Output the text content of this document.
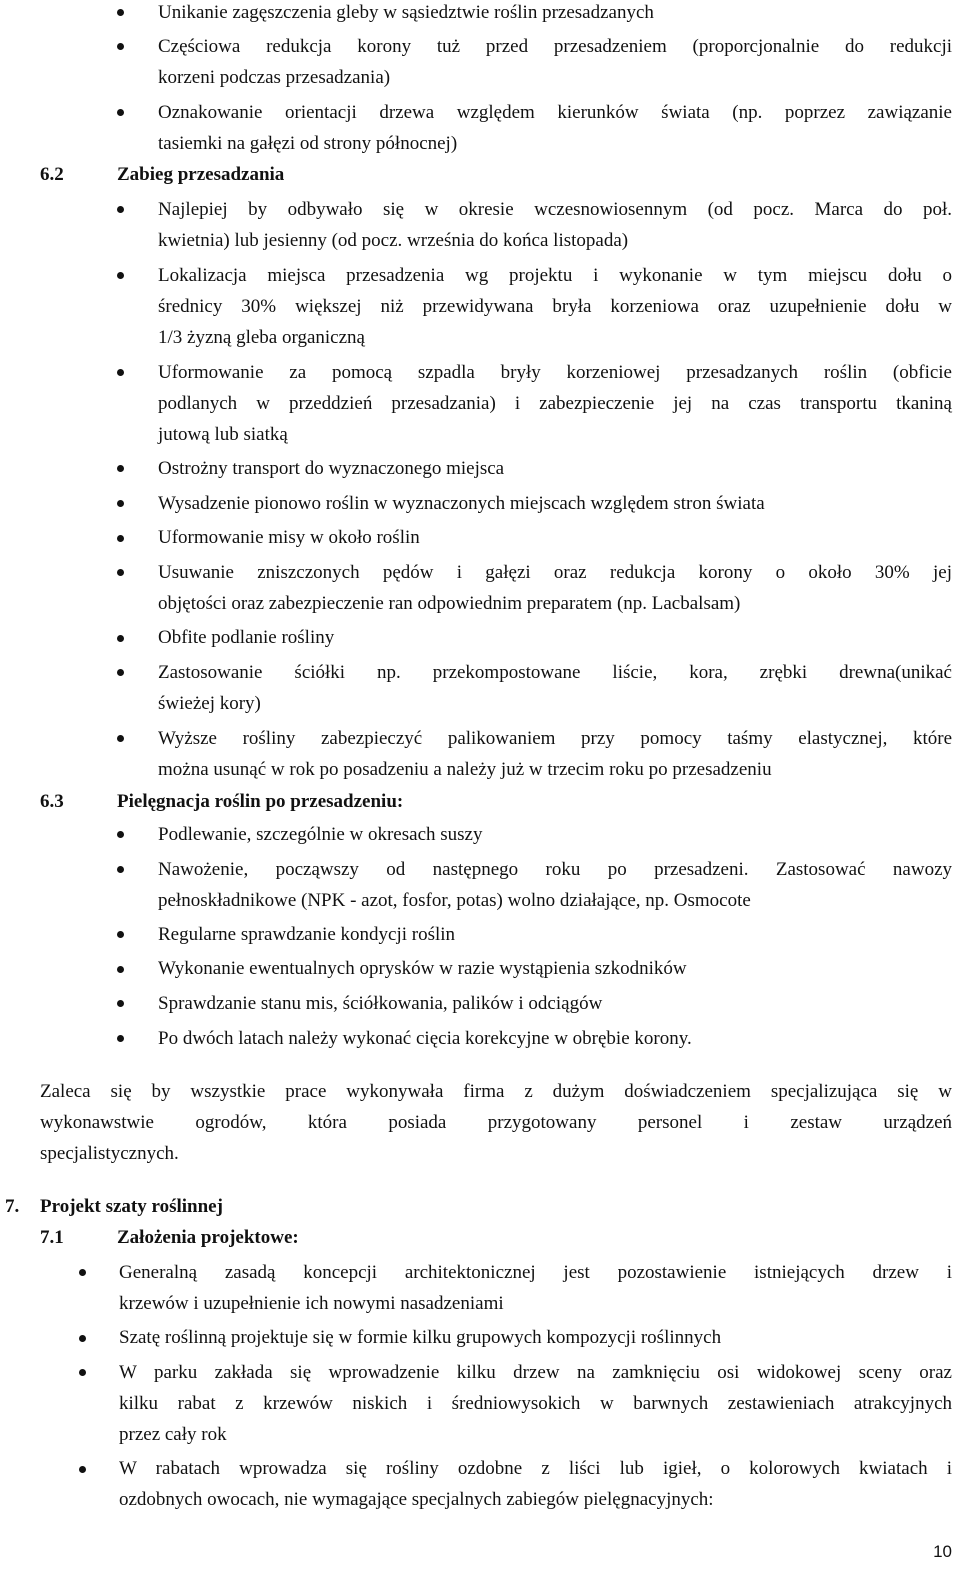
Unikanie zagęszczenia gleby w sąsiedztwie roślin przesadzanych
Częściowa redukcja korony tuż przed przesadzeniem (proporcjonalnie do redukcji
korzeni podczas przesadzania)
Oznakowanie orientacji drzewa względem kierunków świata (np. poprzez zawiązanie
tasiemki na gałęzi od strony północnej)
6.2	Zabieg przesadzania
Najlepiej by odbywało się w okresie wczesnowiosennym (od pocz. Marca do poł.
kwietnia) lub jesienny (od pocz. września do końca listopada)
Lokalizacja miejsca przesadzenia wg projektu i wykonanie w tym miejscu dołu o
średnicy 30% większej niż przewidywana bryła korzeniowa oraz uzupełnienie dołu w
1/3 żyzną gleba organiczną
Uformowanie za pomocą szpadla bryły korzeniowej przesadzanych roślin (obficie
podlanych w przeddzień przesadzania) i zabezpieczenie jej na czas transportu tkaniną
jutową lub siatką
Ostrożny transport do wyznaczonego miejsca
Wysadzenie pionowo roślin w wyznaczonych miejscach względem stron świata
Uformowanie misy w około roślin
Usuwanie zniszczonych pędów i gałęzi oraz redukcja korony o około 30% jej
objętości oraz zabezpieczenie ran odpowiednim preparatem (np. Lacbalsam)
Obfite podlanie rośliny
Zastosowanie ściółki np. przekompostowane liście, kora, zrębki drewna(unikać
świeżej kory)
Wyższe rośliny zabezpieczyć palikowaniem przy pomocy taśmy elastycznej, które
można usunąć w rok po posadzeniu a należy już w trzecim roku po przesadzeniu
6.3	Pielęgnacja roślin po przesadzeniu:
Podlewanie, szczególnie w okresach suszy
Nawożenie, począwszy od następnego roku po przesadzeni. Zastosować nawozy
pełnoskładnikowe (NPK - azot, fosfor, potas) wolno działające, np. Osmocote
Regularne sprawdzanie kondycji roślin
Wykonanie ewentualnych oprysków w razie wystąpienia szkodników
Sprawdzanie stanu mis, ściółkowania, palików i odciągów
Po dwóch latach należy wykonać cięcia korekcyjne w obrębie korony.
Zaleca się by wszystkie prace wykonywała firma z dużym doświadczeniem specjalizująca się w
wykonawstwie ogrodów, która posiada przygotowany personel i zestaw urządzeń
specjalistycznych.
7. Projekt szaty roślinnej
7.1	Założenia projektowe:
Generalną zasadą koncepcji architektonicznej jest pozostawienie istniejących drzew i
krzewów i uzupełnienie ich nowymi nasadzeniami
Szatę roślinną projektuje się w formie kilku grupowych kompozycji roślinnych
W parku zakłada się wprowadzenie kilku drzew na zamknięciu osi widokowej sceny oraz
kilku rabat z krzewów niskich i średniowysokich w barwnych zestawieniach atrakcyjnych
przez cały rok
W rabatach wprowadza się rośliny ozdobne z liści lub igieł, o kolorowych kwiatach i
ozdobnych owocach, nie wymagające specjalnych zabiegów pielęgnacyjnych:
10
